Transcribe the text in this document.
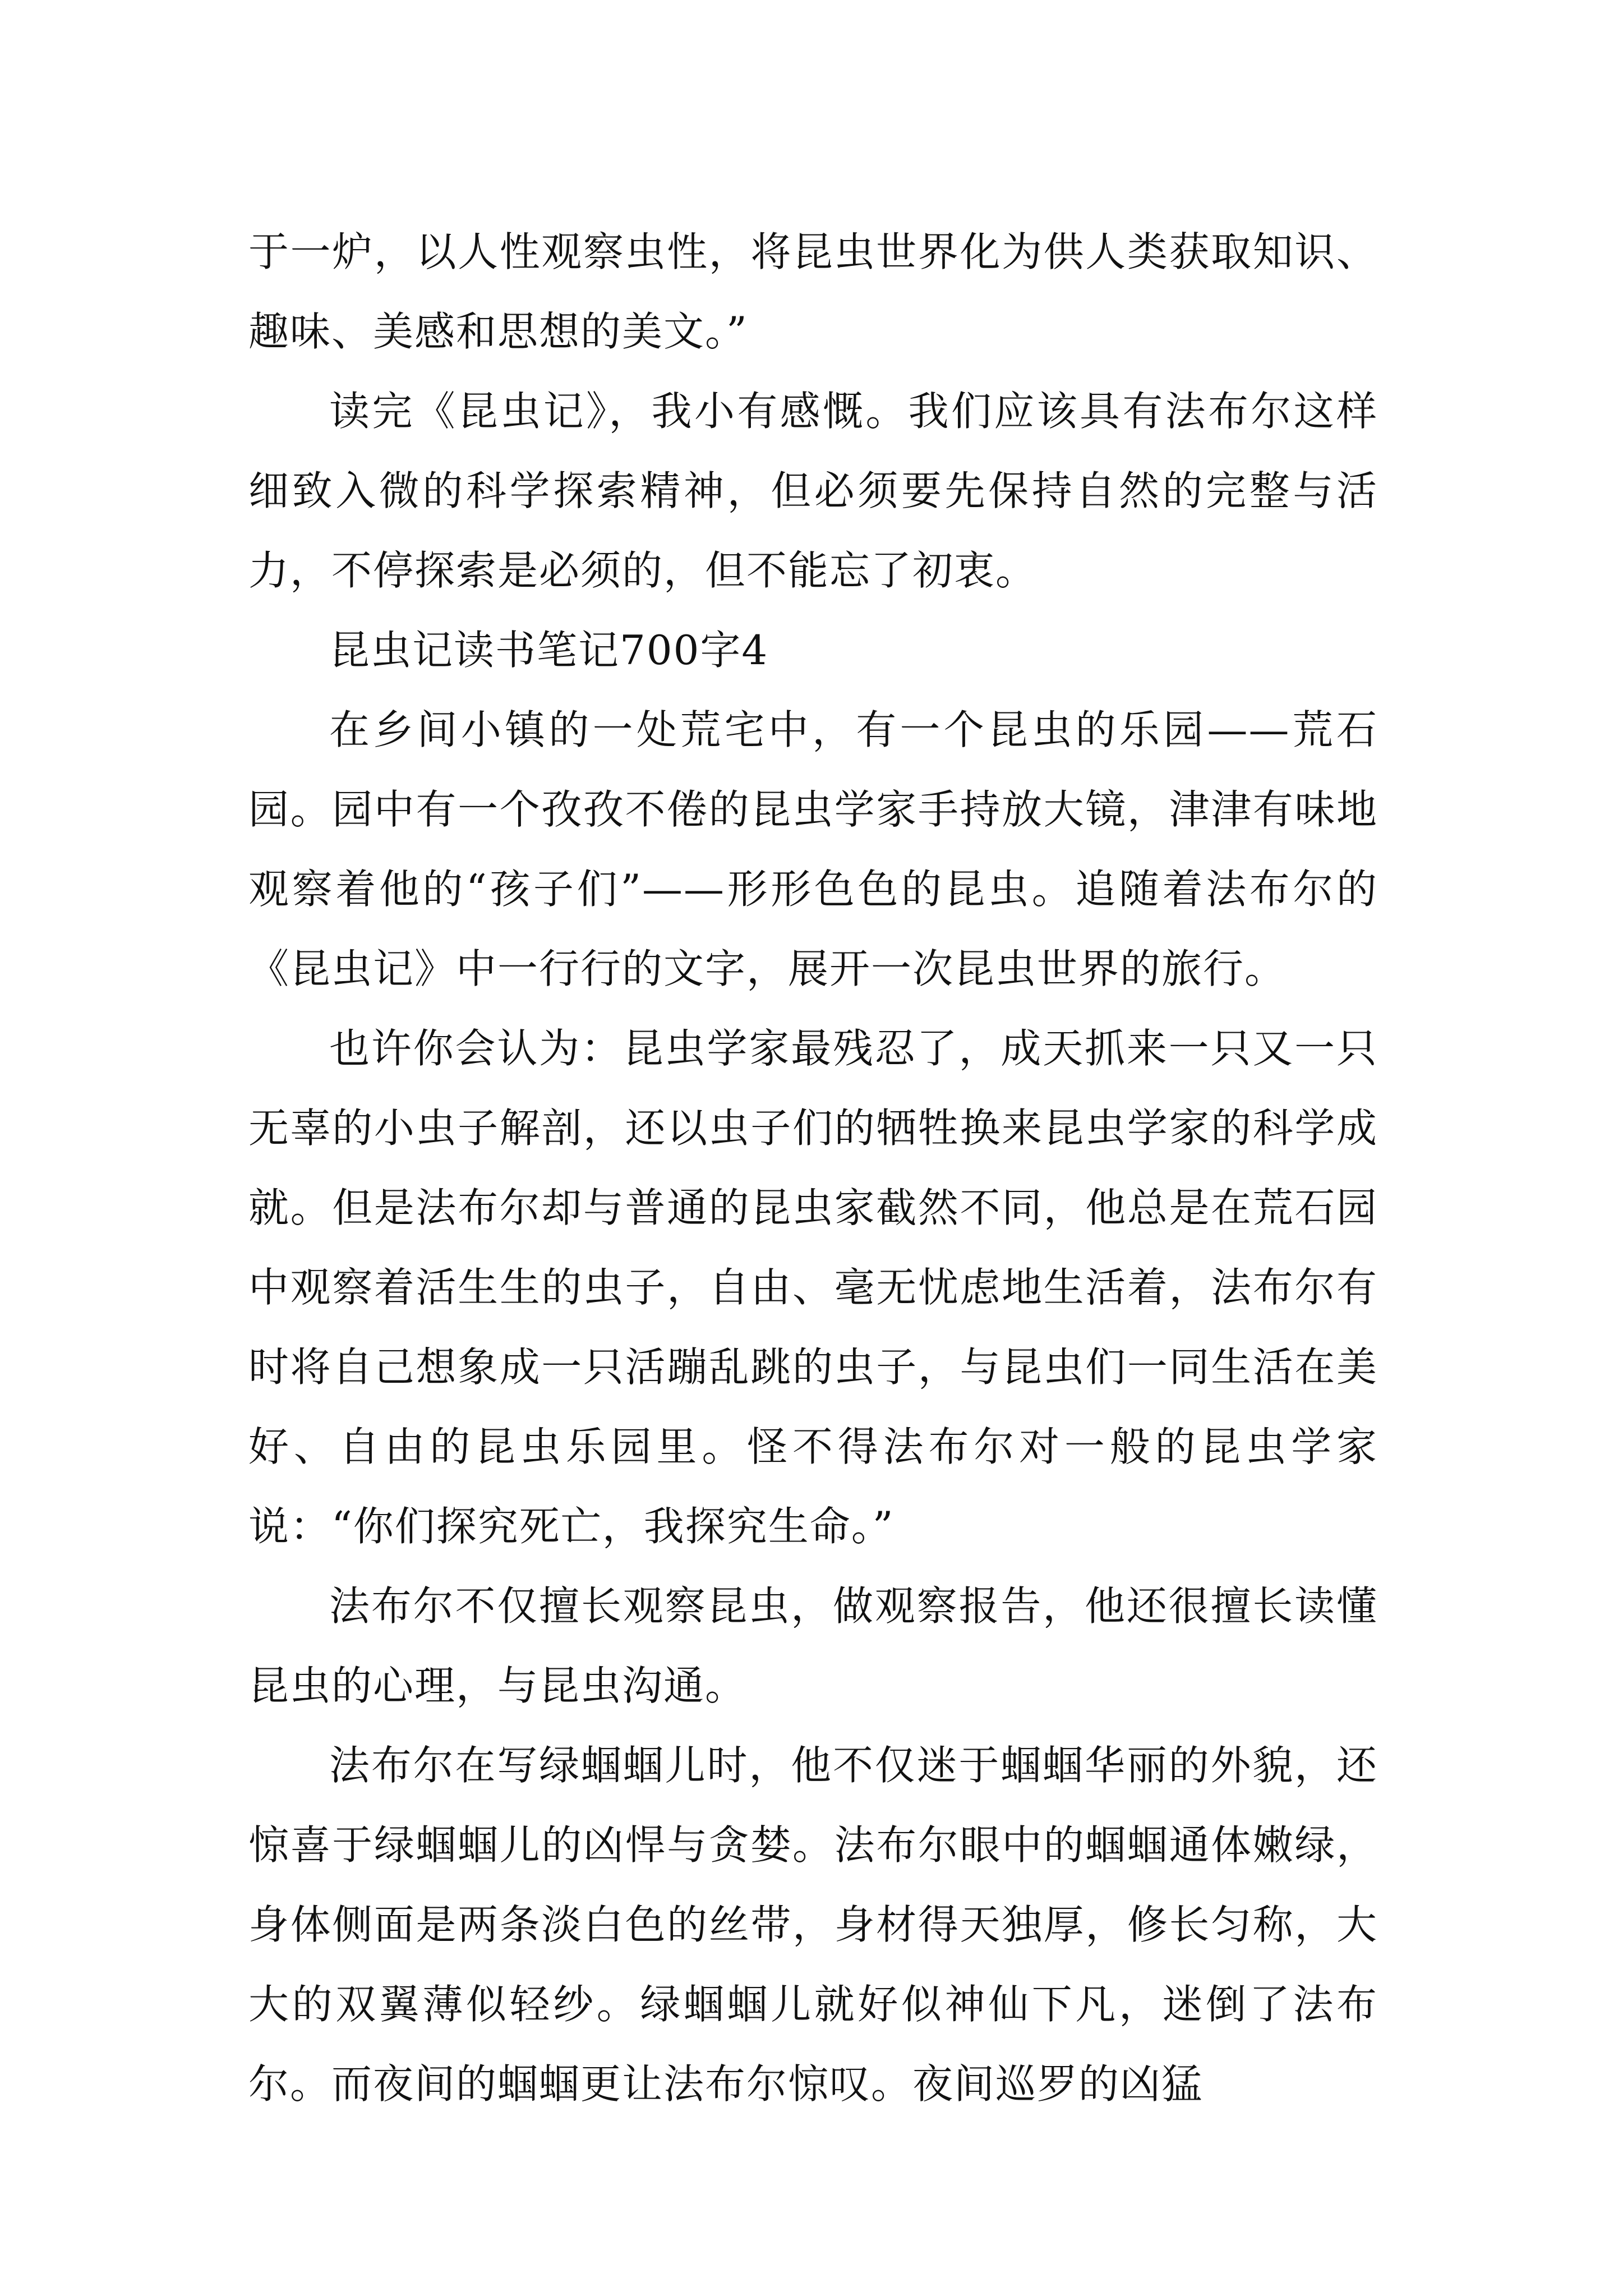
于一炉，以人性观察虫性，将昆虫世界化为供人类获取知识、趣味、美感和思想的美文。”

读完《昆虫记》，我小有感慨。我们应该具有法布尔这样细致入微的科学探索精神，但必须要先保持自然的完整与活力，不停探索是必须的，但不能忘了初衷。

昆虫记读书笔记700字4

在乡间小镇的一处荒宅中，有一个昆虫的乐园——荒石园。园中有一个孜孜不倦的昆虫学家手持放大镜，津津有味地观察着他的“孩子们”——形形色色的昆虫。追随着法布尔的《昆虫记》中一行行的文字，展开一次昆虫世界的旅行。

也许你会认为：昆虫学家最残忍了，成天抓来一只又一只无辜的小虫子解剖，还以虫子们的牺牲换来昆虫学家的科学成就。但是法布尔却与普通的昆虫家截然不同，他总是在荒石园中观察着活生生的虫子，自由、毫无忧虑地生活着，法布尔有时将自己想象成一只活蹦乱跳的虫子，与昆虫们一同生活在美好、自由的昆虫乐园里。怪不得法布尔对一般的昆虫学家说：“你们探究死亡，我探究生命。”

法布尔不仅擅长观察昆虫，做观察报告，他还很擅长读懂昆虫的心理，与昆虫沟通。

法布尔在写绿蝈蝈儿时，他不仅迷于蝈蝈华丽的外貌，还惊喜于绿蝈蝈儿的凶悍与贪婪。法布尔眼中的蝈蝈通体嫩绿，身体侧面是两条淡白色的丝带，身材得天独厚，修长匀称，大大的双翼薄似轻纱。绿蝈蝈儿就好似神仙下凡，迷倒了法布尔。而夜间的蝈蝈更让法布尔惊叹。夜间巡罗的凶猛
